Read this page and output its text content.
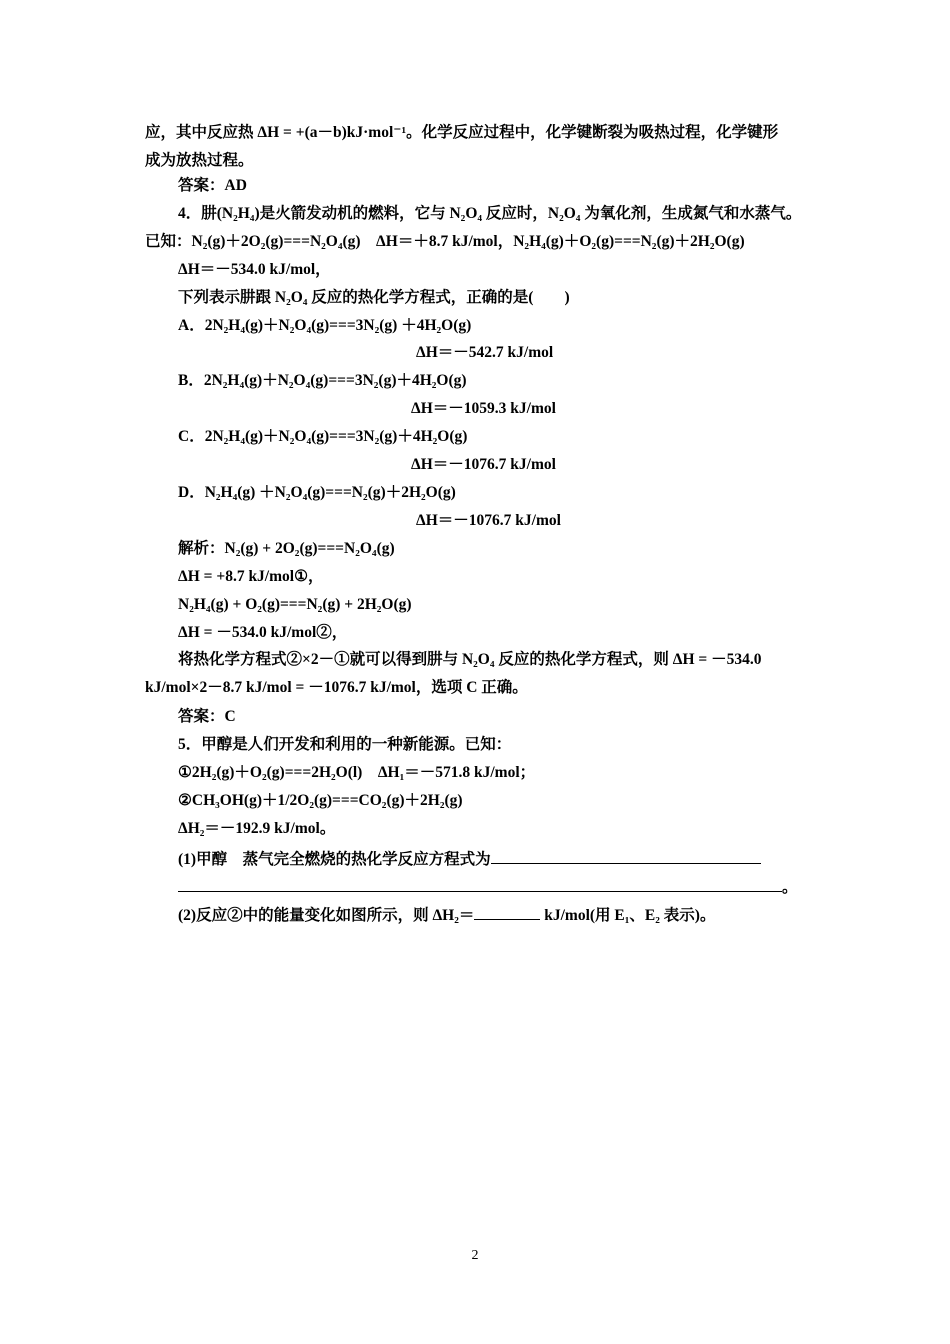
应，其中反应热 ΔH = +(a－b)kJ·mol⁻¹。化学反应过程中，化学键断裂为吸热过程，化学键形
成为放热过程。
答案：AD
4．肼(N₂H₄)是火箭发动机的燃料，它与 N₂O₄ 反应时，N₂O₄ 为氧化剂，生成氮气和水蒸气。
已知：N₂(g)＋2O₂(g)===N₂O₄(g)　ΔH＝＋8.7 kJ/mol，N₂H₄(g)＋O₂(g)===N₂(g)＋2H₂O(g)
ΔH＝－534.0 kJ/mol，
下列表示肼跟 N₂O₄ 反应的热化学方程式，正确的是(　　)
A．2N₂H₄(g)＋N₂O₄(g)===3N₂(g) ＋4H₂O(g)
ΔH＝－542.7 kJ/mol
B．2N₂H₄(g)＋N₂O₄(g)===3N₂(g)＋4H₂O(g)
ΔH＝－1059.3 kJ/mol
C．2N₂H₄(g)＋N₂O₄(g)===3N₂(g)＋4H₂O(g)
ΔH＝－1076.7 kJ/mol
D．N₂H₄(g) ＋N₂O₄(g)===N₂(g)＋2H₂O(g)
ΔH＝－1076.7 kJ/mol
解析：N₂(g) + 2O₂(g)===N₂O₄(g)
ΔH = +8.7 kJ/mol①，
N₂H₄(g) + O₂(g)===N₂(g) + 2H₂O(g)
ΔH = －534.0 kJ/mol②，
将热化学方程式②×2－①就可以得到肼与 N₂O₄ 反应的热化学方程式，则 ΔH = －534.0
kJ/mol×2－8.7 kJ/mol = －1076.7 kJ/mol，选项 C 正确。
答案：C
5．甲醇是人们开发和利用的一种新能源。已知：
①2H₂(g)＋O₂(g)===2H₂O(l)　ΔH₁＝－571.8 kJ/mol；
②CH₃OH(g)＋1/2O₂(g)===CO₂(g)＋2H₂(g)
ΔH₂＝－192.9 kJ/mol。
(1)甲醇　蒸气完全燃烧的热化学反应方程式为
。
(2)反应②中的能量变化如图所示，则 ΔH₂＝	kJ/mol(用 E₁、E₂ 表示)。
2
